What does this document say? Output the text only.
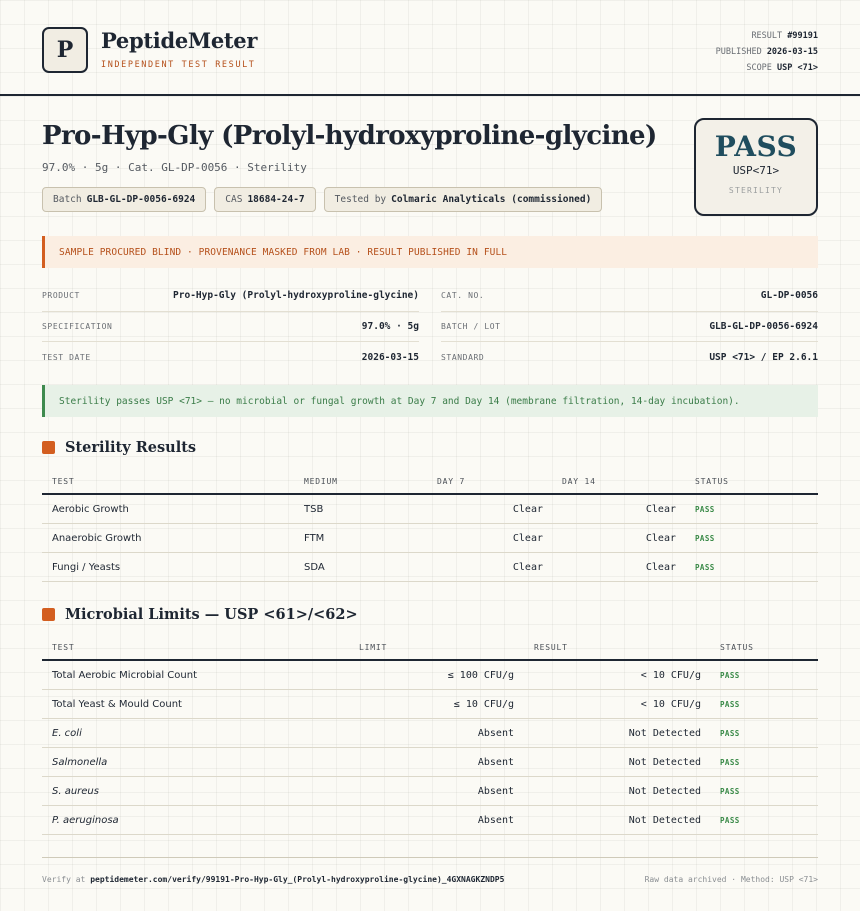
P	PeptideMeter
INDEPENDENT TEST RESULT
RESULT #99191
PUBLISHED 2026-03-15
SCOPE USP <71>
Pro-Hyp-Gly (Prolyl-hydroxyproline-glycine)
97.0% · 5g · Cat. GL-DP-0056 · Sterility
Batch GLB-GL-DP-0056-6924	CAS 18684-24-7	Tested by Colmaric Analyticals (commissioned)
PASS
USP<71>
STERILITY
SAMPLE PROCURED BLIND · PROVENANCE MASKED FROM LAB · RESULT PUBLISHED IN FULL
PRODUCT	Pro-Hyp-Gly (Prolyl-hydroxyproline-glycine)	CAT. NO.	GL-DP-0056
SPECIFICATION	97.0% · 5g	BATCH / LOT	GLB-GL-DP-0056-6924
TEST DATE	2026-03-15	STANDARD	USP <71> / EP 2.6.1
Sterility passes USP <71> — no microbial or fungal growth at Day 7 and Day 14 (membrane filtration, 14-day incubation).
Sterility Results
TEST	MEDIUM	DAY 7	DAY 14	STATUS
Aerobic Growth	TSB	Clear	Clear	PASS
Anaerobic Growth	FTM	Clear	Clear	PASS
Fungi / Yeasts	SDA	Clear	Clear	PASS
Microbial Limits — USP <61>/<62>
TEST	LIMIT	RESULT	STATUS
Total Aerobic Microbial Count	≤ 100 CFU/g	< 10 CFU/g	PASS
Total Yeast & Mould Count	≤ 10 CFU/g	< 10 CFU/g	PASS
E. coli	Absent	Not Detected	PASS
Salmonella	Absent	Not Detected	PASS
S. aureus	Absent	Not Detected	PASS
P. aeruginosa	Absent	Not Detected	PASS
Verify at peptidemeter.com/verify/99191-Pro-Hyp-Gly_(Prolyl-hydroxyproline-glycine)_4GXNAGKZNDP5	Raw data archived · Method: USP <71>
